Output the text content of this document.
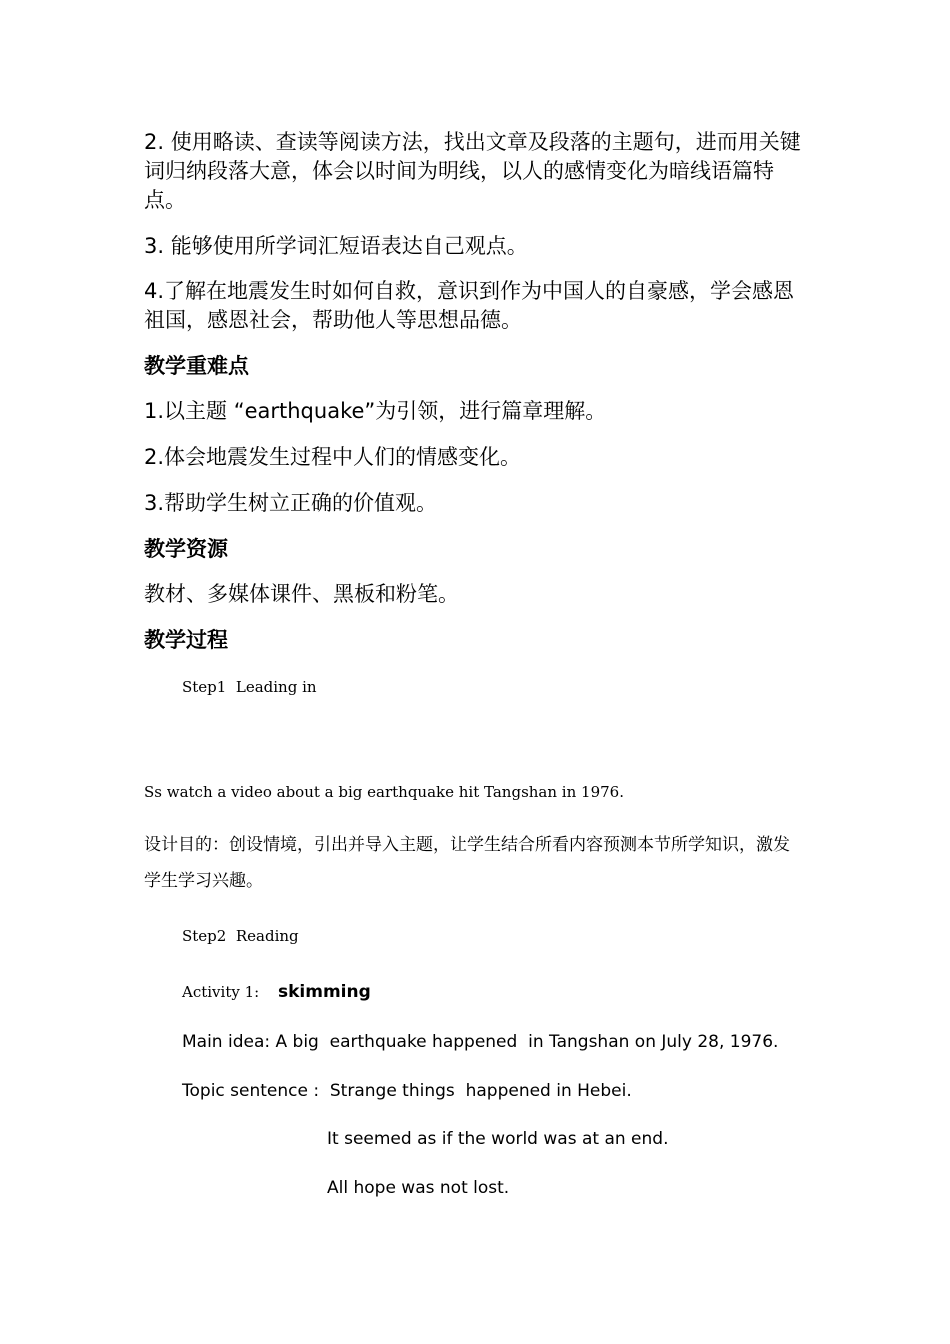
2. 使用略读、查读等阅读方法，找出文章及段落的主题句，进而用关键词归纳段落大意，体会以时间为明线，以人的感情变化为暗线语篇特点。

3. 能够使用所学词汇短语表达自己观点。

4.了解在地震发生时如何自救，意识到作为中国人的自豪感，学会感恩祖国，感恩社会，帮助他人等思想品德。

教学重难点

1.以主题 “earthquake”为引领，进行篇章理解。

2.体会地震发生过程中人们的情感变化。

3.帮助学生树立正确的价值观。

教学资源

教材、多媒体课件、黑板和粉笔。

教学过程

Step1  Leading in
Ss watch a video about a big earthquake hit Tangshan in 1976.

设计目的：创设情境，引出并导入主题，让学生结合所看内容预测本节所学知识，激发学生学习兴趣。

Step2  Reading
Activity 1: skimming
Main idea: A big  earthquake happened  in Tangshan on July 28, 1976.
Topic sentence :  Strange things  happened in Hebei.
It seemed as if the world was at an end.
All hope was not lost.
